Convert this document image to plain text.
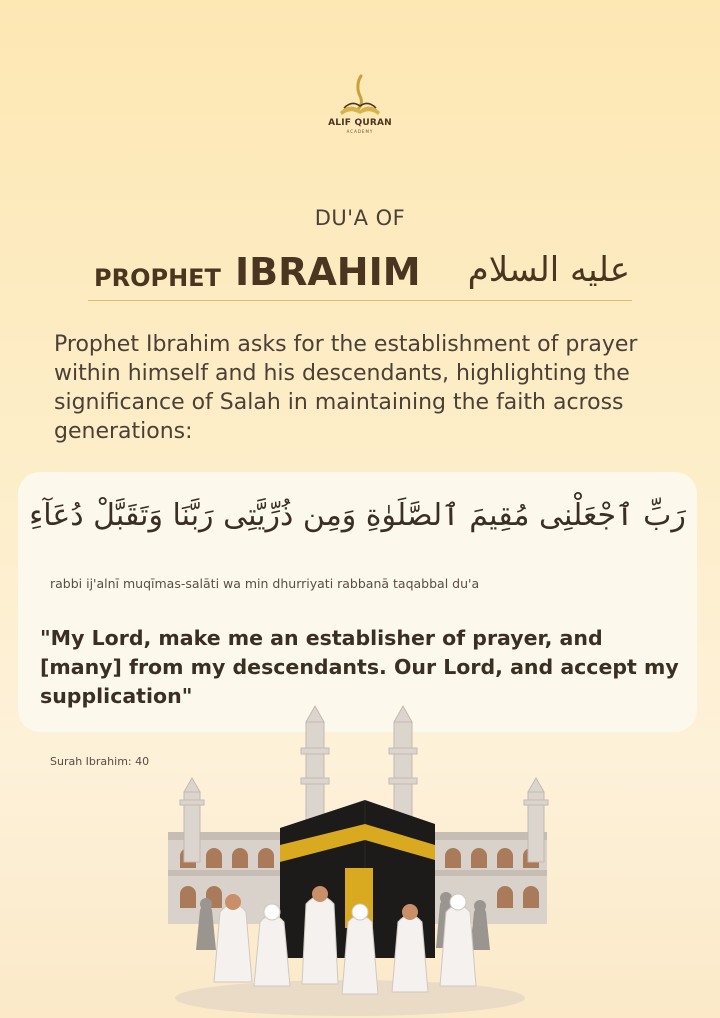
ALIF QURAN
ACADEMY
DU'A OF
PROPHET IBRAHIM عليه السلام
Prophet Ibrahim asks for the establishment of prayer within himself and his descendants, highlighting the significance of Salah in maintaining the faith across generations:
رَبِّ ٱجْعَلْنِى مُقِيمَ ٱلصَّلَوٰةِ وَمِن ذُرِّيَّتِى رَبَّنَا وَتَقَبَّلْ دُعَآءِ
rabbi ij'alnī muqīmas-salāti wa min dhurriyati rabbanā taqabbal du'a
"My Lord, make me an establisher of prayer, and [many] from my descendants. Our Lord, and accept my supplication"
Surah Ibrahim: 40
